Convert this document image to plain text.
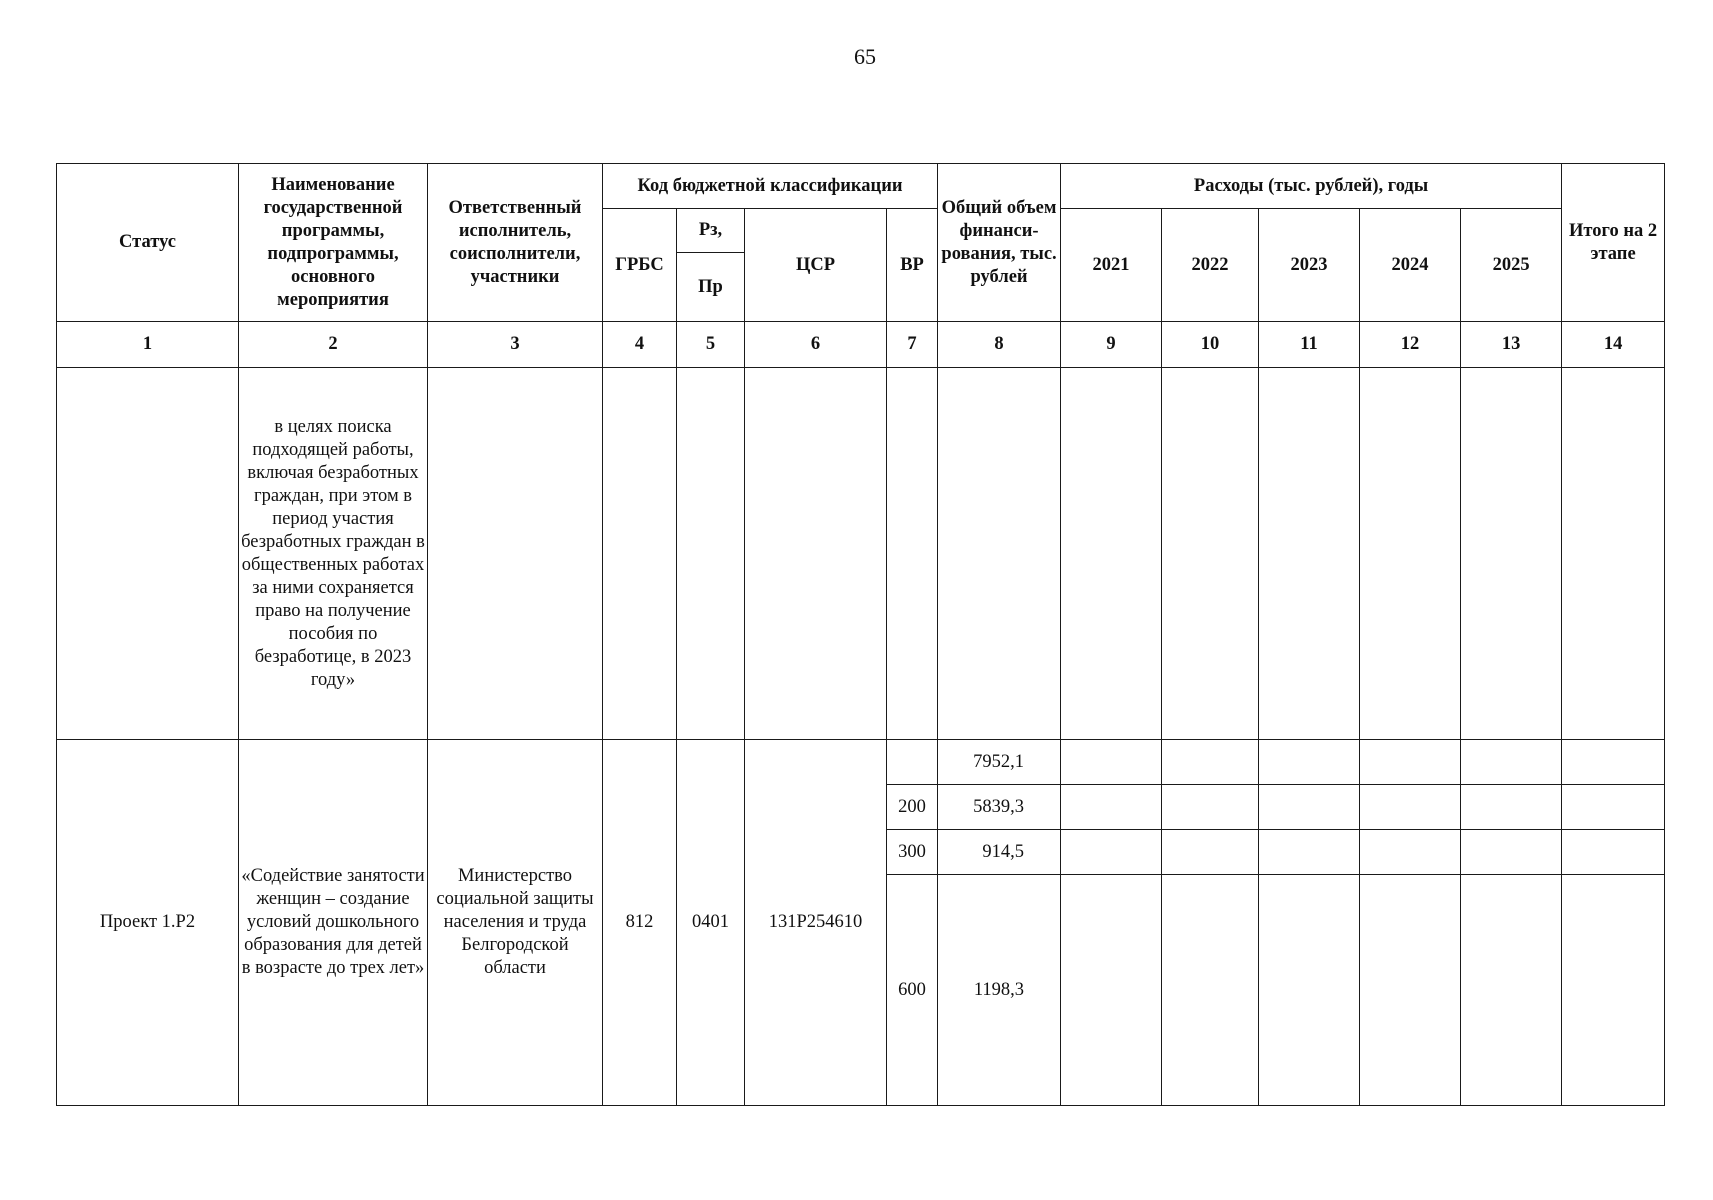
65
Статус	Наименование государственной программы, подпрограммы, основного мероприятия	Ответственный исполнитель, соисполнители, участники	Код бюджетной классификации				Общий объем финанси-рования, тыс. рублей	Расходы (тыс. рублей), годы					Итого на 2 этапе
			ГРБС	Рз,	ЦСР	ВР		2021	2022	2023	2024	2025	
				Пр									
1	2	3	4	5	6	7	8	9	10	11	12	13	14
	в целях поиска подходящей работы, включая безработных граждан, при этом в период участия безработных граждан в общественных работах за ними сохраняется право на получение пособия по безработице, в 2023 году»												
Проект 1.Р2	«Содействие занятости женщин – создание условий дошкольного образования для детей в возрасте до трех лет»	Министерство социальной защиты населения и труда Белгородской области	812	0401	131Р254610		7952,1						
						200	5839,3						
						300	914,5						
						600	1198,3						
